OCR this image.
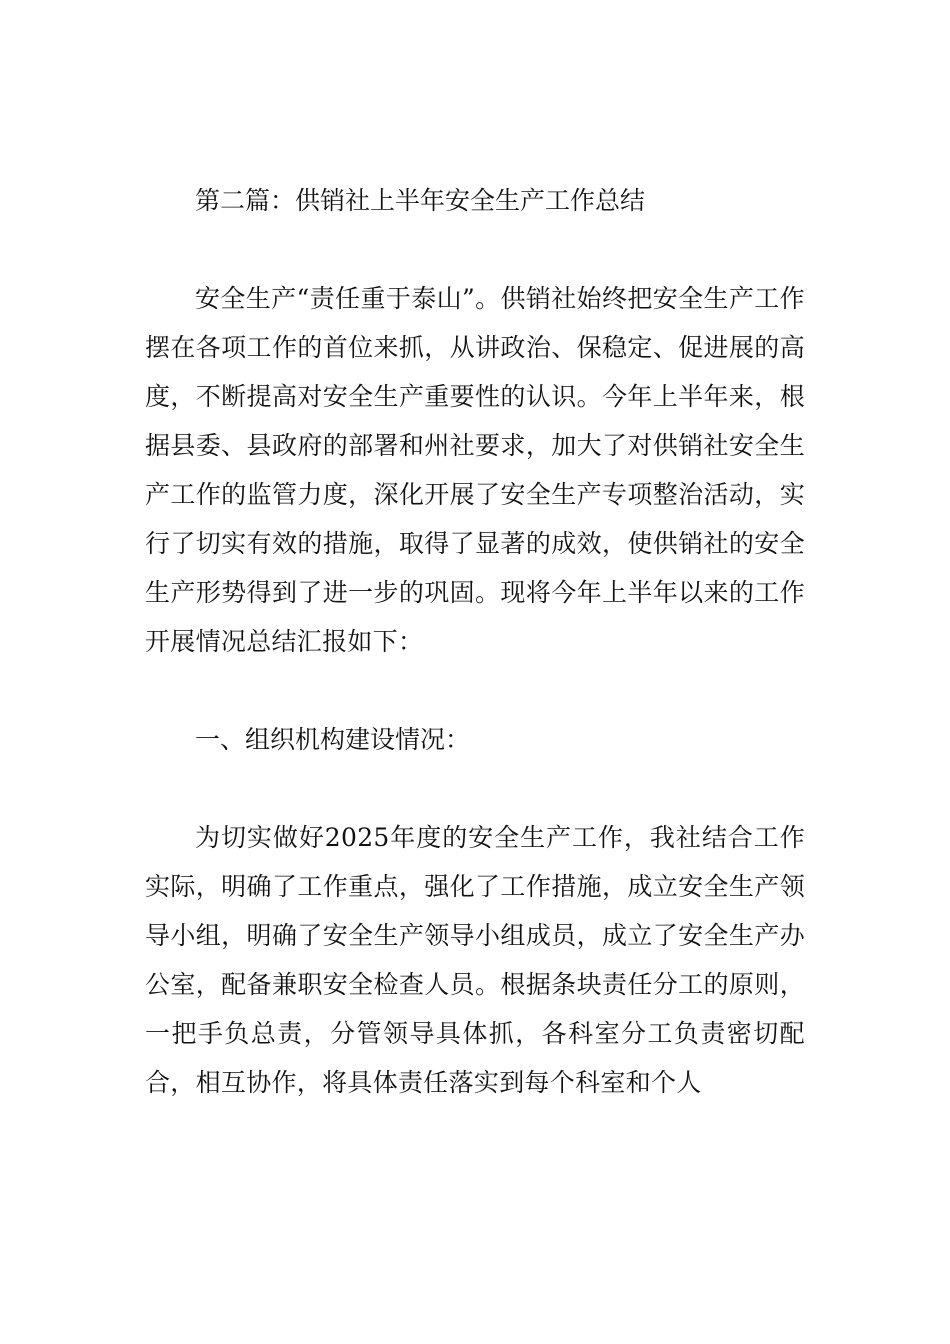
第二篇：供销社上半年安全生产工作总结

安全生产“责任重于泰山”。供销社始终把安全生产工作摆在各项工作的首位来抓，从讲政治、保稳定、促进展的高度，不断提高对安全生产重要性的认识。今年上半年来，根据县委、县政府的部署和州社要求，加大了对供销社安全生产工作的监管力度，深化开展了安全生产专项整治活动，实行了切实有效的措施，取得了显著的成效，使供销社的安全生产形势得到了进一步的巩固。现将今年上半年以来的工作开展情况总结汇报如下：

一、组织机构建设情况：

为切实做好2025年度的安全生产工作，我社结合工作实际，明确了工作重点，强化了工作措施，成立安全生产领导小组，明确了安全生产领导小组成员，成立了安全生产办公室，配备兼职安全检查人员。根据条块责任分工的原则，一把手负总责，分管领导具体抓，各科室分工负责密切配合，相互协作，将具体责任落实到每个科室和个人
